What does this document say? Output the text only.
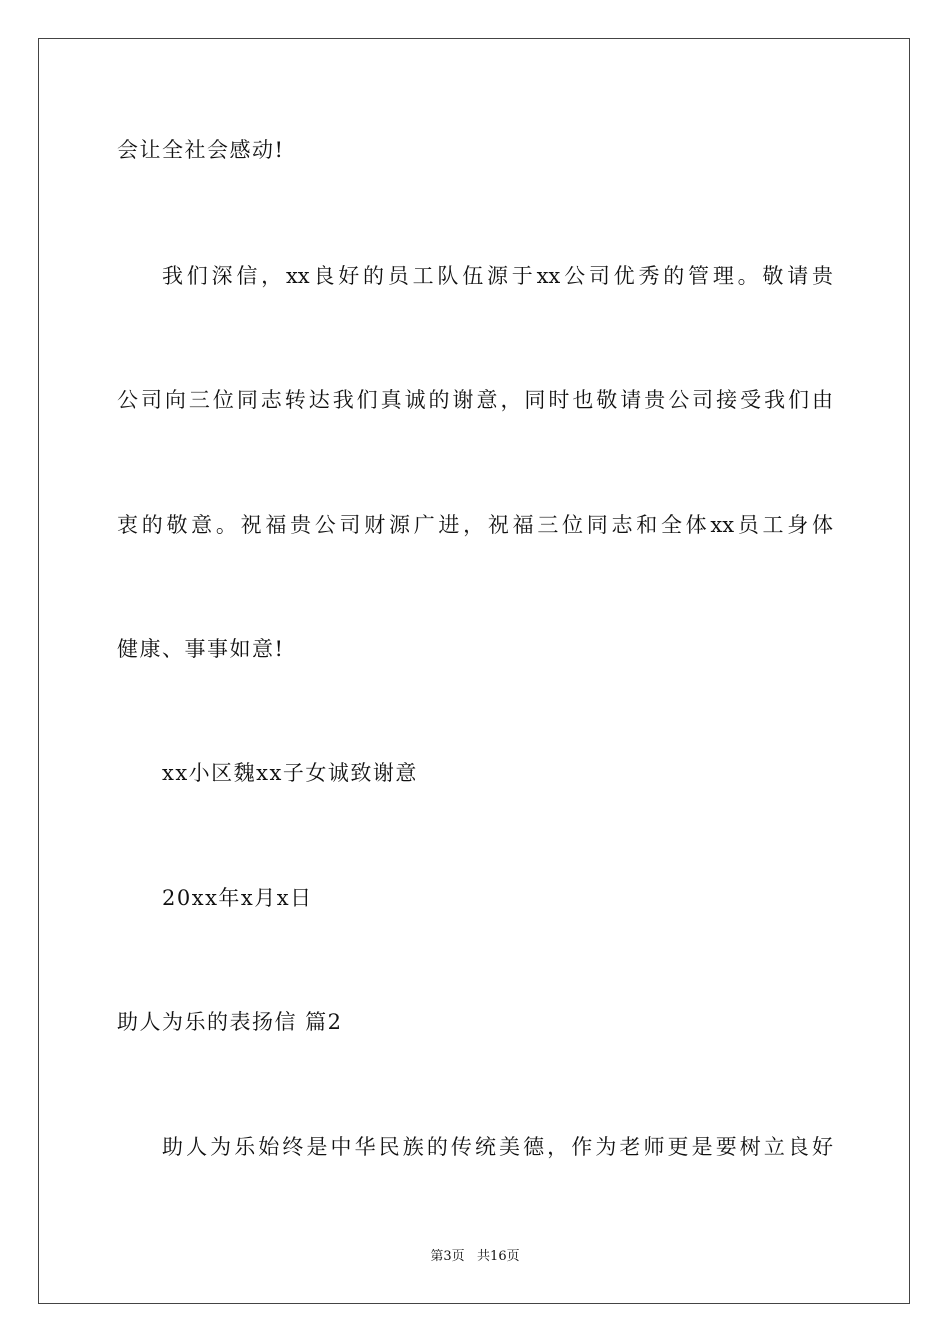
会让全社会感动!
我们深信，xx良好的员工队伍源于xx公司优秀的管理。敬请贵
公司向三位同志转达我们真诚的谢意，同时也敬请贵公司接受我们由
衷的敬意。祝福贵公司财源广进，祝福三位同志和全体xx员工身体
健康、事事如意!
xx小区魏xx子女诚致谢意
20xx年x月x日
助人为乐的表扬信 篇2
助人为乐始终是中华民族的传统美德，作为老师更是要树立良好
第3页   共16页
